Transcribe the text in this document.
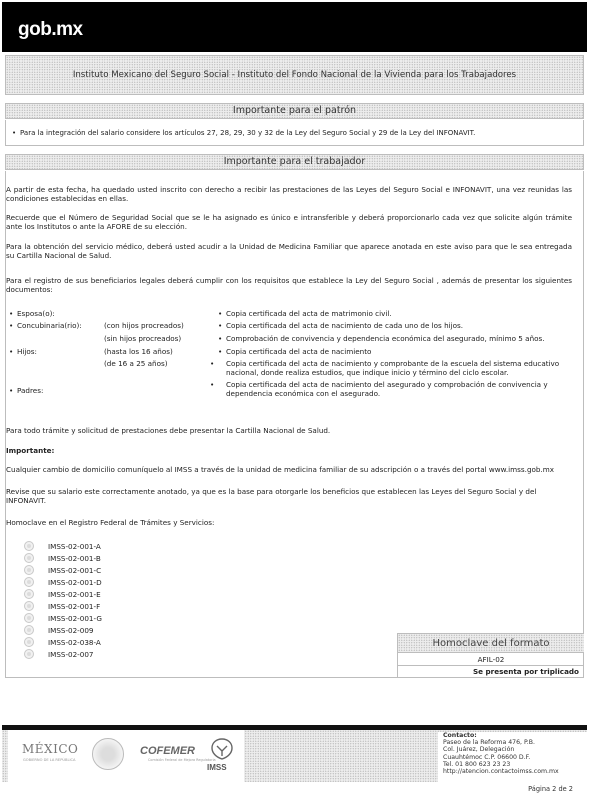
gob.mx
Instituto Mexicano del Seguro Social - Instituto del Fondo Nacional de la Vivienda para los Trabajadores
Importante para el patrón
• Para la integración del salario considere los artículos 27, 28, 29, 30 y 32 de la Ley del Seguro Social y 29 de la Ley del INFONAVIT.
Importante para el trabajador
A partir de esta fecha, ha quedado usted inscrito con derecho a recibir las prestaciones de las Leyes del Seguro Social e INFONAVIT, una vez reunidas las condiciones establecidas en ellas.
Recuerde que el Número de Seguridad Social que se le ha asignado es único e intransferible y deberá proporcionarlo cada vez que solicite algún trámite ante los Institutos o ante la AFORE de su elección.
Para la obtención del servicio médico, deberá usted acudir a la Unidad de Medicina Familiar que aparece anotada en este aviso para que le sea entregada su Cartilla Nacional de Salud.
Para el registro de sus beneficiarios legales deberá cumplir con los requisitos que establece la Ley del Seguro Social , además de presentar los siguientes documentos:
• Esposa(o):
• Concubinaria(rio):	(con hijos procreados)
(sin hijos procreados)
• Hijos:	(hasta los 16 años)
(de 16 a 25 años)
• Padres:
• Copia certificada del acta de matrimonio civil.
• Copia certificada del acta de nacimiento de cada uno de los hijos.
• Comprobación de convivencia y dependencia económica del asegurado, mínimo 5 años.
• Copia certificada del acta de nacimiento
• Copia certificada del acta de nacimiento y comprobante de la escuela del sistema educativo nacional, donde realiza estudios, que indique inicio y término del ciclo escolar.
• Copia certificada del acta de nacimiento del asegurado y comprobación de convivencia y dependencia económica con el asegurado.
Para todo trámite y solicitud de prestaciones debe presentar la Cartilla Nacional de Salud.
Importante:
Cualquier cambio de domicilio comuníquelo al IMSS a través de la unidad de medicina familiar de su adscripción o a través del portal www.imss.gob.mx
Revise que su salario este correctamente anotado, ya que es la base para otorgarle los beneficios que establecen las Leyes del Seguro Social y del INFONAVIT.
Homoclave en el Registro Federal de Trámites y Servicios:
IMSS-02-001-A
IMSS-02-001-B
IMSS-02-001-C
IMSS-02-001-D
IMSS-02-001-E
IMSS-02-001-F
IMSS-02-001-G
IMSS-02-009
IMSS-02-038-A
IMSS-02-007
Homoclave del formato
AFIL-02
Se presenta por triplicado
MÉXICO
GOBIERNO DE LA REPÚBLICA
COFEMER
Comisión Federal de Mejora Regulatoria
IMSS
Contacto:
Paseo de la Reforma 476, P.B.
Col. Juárez, Delegación
Cuauhtémoc C.P. 06600 D.F.
Tel. 01 800 623 23 23
http://atencion.contactoimss.com.mx
Página 2 de 2
